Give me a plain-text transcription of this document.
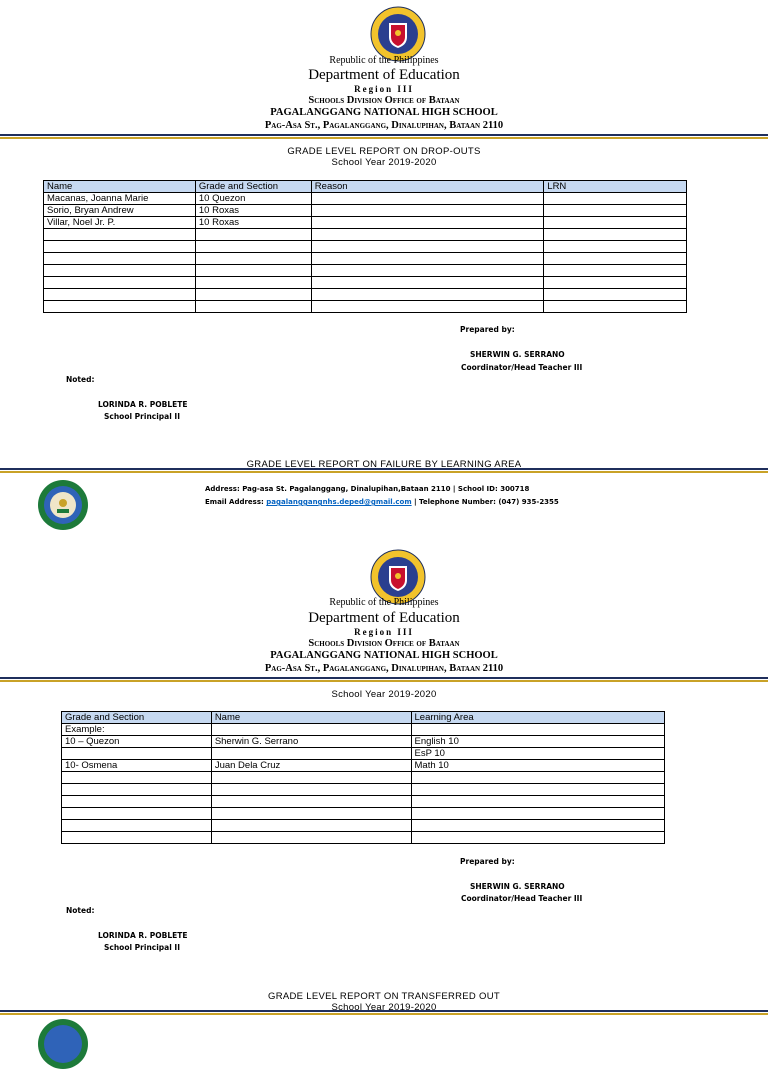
Republic of the Philippines
Department of Education
Region III
Schools Division Office of Bataan
PAGALANGGANG NATIONAL HIGH SCHOOL
Pag-Asa St., Pagalanggang, Dinalupihan, Bataan 2110
GRADE LEVEL REPORT ON DROP-OUTS
School Year 2019-2020
Name	Grade and Section	Reason	LRN
Macanas, Joanna Marie	10 Quezon		
Sorio, Bryan Andrew	10 Roxas		
Villar, Noel Jr. P.	10 Roxas		

Prepared by:
SHERWIN G. SERRANO
Coordinator/Head Teacher III
Noted:
LORINDA R. POBLETE
School Principal II
GRADE LEVEL REPORT ON FAILURE BY LEARNING AREA
Address: Pag-asa St. Pagalanggang, Dinalupihan,Bataan 2110 | School ID: 300718
Email Address: pagalanggangnhs.deped@gmail.com | Telephone Number: (047) 935-2355
Republic of the Philippines
Department of Education
Region III
Schools Division Office of Bataan
PAGALANGGANG NATIONAL HIGH SCHOOL
Pag-Asa St., Pagalanggang, Dinalupihan, Bataan 2110
School Year 2019-2020
Grade and Section	Name	Learning Area
Example:		
10 – Quezon	Sherwin G. Serrano	English 10
		EsP 10
10- Osmena	Juan Dela Cruz	Math 10

Prepared by:
SHERWIN G. SERRANO
Coordinator/Head Teacher III
Noted:
LORINDA R. POBLETE
School Principal II
GRADE LEVEL REPORT ON TRANSFERRED OUT
School Year 2019-2020
